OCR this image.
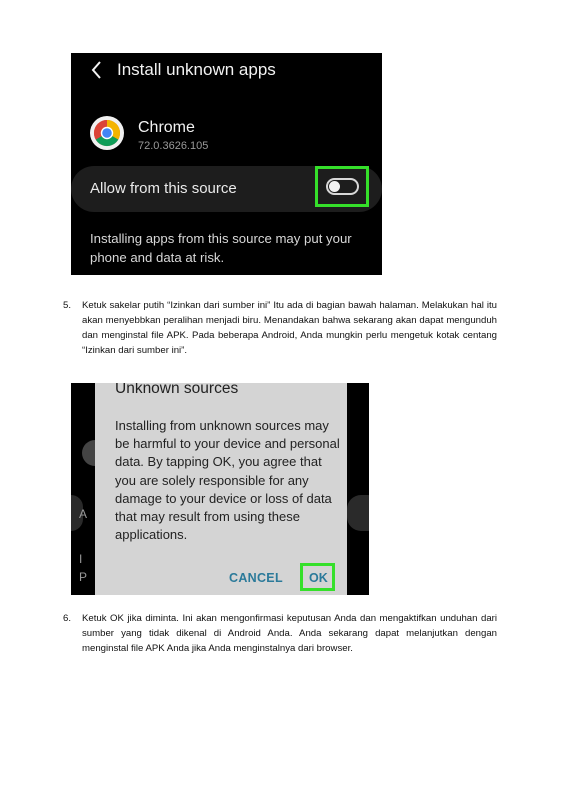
Install unknown apps
Chrome
72.0.3626.105
Allow from this source
Installing apps from this source may put your phone and data at risk.
5. Ketuk sakelar putih “Izinkan dari sumber ini” Itu ada di bagian bawah halaman. Melakukan hal itu akan menyebbkan peralihan menjadi biru. Menandakan bahwa sekarang akan dapat mengunduh dan menginstal file APK. Pada beberapa Android, Anda mungkin perlu mengetuk kotak centang “Izinkan dari sumber ini”.
A
I
P
Unknown sources
Installing from unknown sources may be harmful to your device and personal data. By tapping OK, you agree that you are solely responsible for any damage to your device or loss of data that may result from using these applications.
CANCEL OK
6. Ketuk OK jika diminta. Ini akan mengonfirmasi keputusan Anda dan mengaktifkan unduhan dari sumber yang tidak dikenal di Android Anda. Anda sekarang dapat melanjutkan dengan menginstal file APK Anda jika Anda menginstalnya dari browser.
